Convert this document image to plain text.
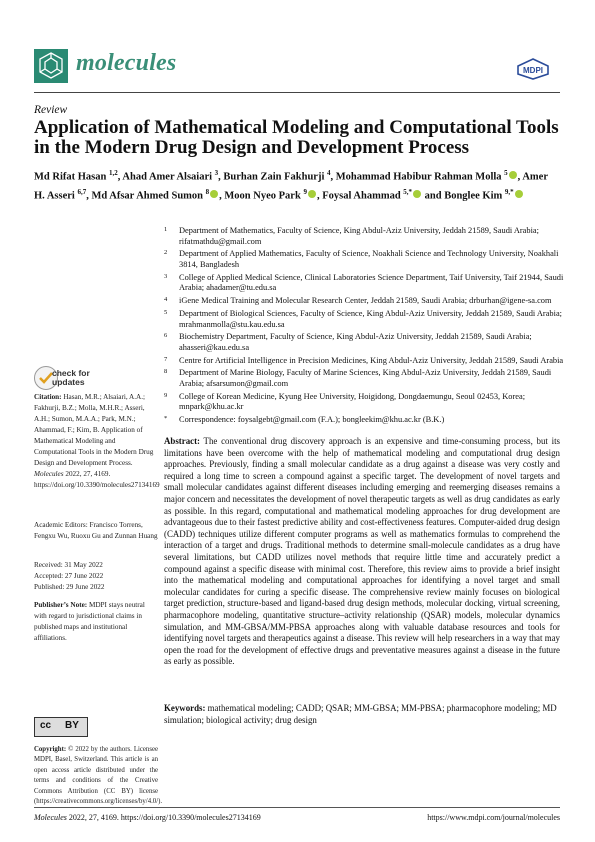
molecules	MDPI
Review
Application of Mathematical Modeling and Computational Tools in the Modern Drug Design and Development Process
Md Rifat Hasan $^{1,2}$, Ahad Amer Alsaiari $^3$, Burhan Zain Fakhurji $^4$, Mohammad Habibur Rahman Molla $^5$ , Amer H. Asseri $^{6,7}$, Md Afsar Ahmed Sumon $^8$ , Moon Nyeo Park $^9$ , Foysal Ahammad $^{5,*}$ and Bonglee Kim $^{9,*}$
1 Department of Mathematics, Faculty of Science, King Abdul-Aziz University, Jeddah 21589, Saudi Arabia; rifatmathdu@gmail.com
2 Department of Applied Mathematics, Faculty of Science, Noakhali Science and Technology University, Noakhali 3814, Bangladesh
3 College of Applied Medical Science, Clinical Laboratories Science Department, Taif University, Taif 21944, Saudi Arabia; ahadamer@tu.edu.sa
4 iGene Medical Training and Molecular Research Center, Jeddah 21589, Saudi Arabia; drburhan@igene-sa.com
5 Department of Biological Sciences, Faculty of Science, King Abdul-Aziz University, Jeddah 21589, Saudi Arabia; mrahmanmolla@stu.kau.edu.sa
6 Biochemistry Department, Faculty of Science, King Abdul-Aziz University, Jeddah 21589, Saudi Arabia; ahasseri@kau.edu.sa
7 Centre for Artificial Intelligence in Precision Medicines, King Abdul-Aziz University, Jeddah 21589, Saudi Arabia
8 Department of Marine Biology, Faculty of Marine Sciences, King Abdul-Aziz University, Jeddah 21589, Saudi Arabia; afsarsumon@gmail.com
9 College of Korean Medicine, Kyung Hee University, Hoigidong, Dongdaemungu, Seoul 02453, Korea; mnpark@khu.ac.kr
* Correspondence: foysalgebt@gmail.com (F.A.); bongleekim@khu.ac.kr (B.K.)
check for
updates
Citation: Hasan, M.R.; Alsaiari, A.A.; Fakhurji, B.Z.; Molla, M.H.R.; Asseri, A.H.; Sumon, M.A.A.; Park, M.N.; Ahammad, F.; Kim, B. Application of Mathematical Modeling and Computational Tools in the Modern Drug Design and Development Process. Molecules 2022, 27, 4169. https://doi.org/10.3390/molecules27134169
Academic Editors: Francisco Torrens, Fengxu Wu, Ruoxu Gu and Zunnan Huang
Received: 31 May 2022
Accepted: 27 June 2022
Published: 29 June 2022
Publisher’s Note: MDPI stays neutral with regard to jurisdictional claims in published maps and institutional affiliations.
cc BY
Copyright: © 2022 by the authors. Licensee MDPI, Basel, Switzerland. This article is an open access article distributed under the terms and conditions of the Creative Commons Attribution (CC BY) license (https://creativecommons.org/licenses/by/4.0/).
Abstract: The conventional drug discovery approach is an expensive and time-consuming process, but its limitations have been overcome with the help of mathematical modeling and computational drug design approaches. Previously, finding a small molecular candidate as a drug against a disease was very costly and required a long time to screen a compound against a specific target. The development of novel targets and small molecular candidates against different diseases including emerging and reemerging diseases remains a major concern and necessitates the development of novel therapeutic targets as well as drug candidates as early as possible. In this regard, computational and mathematical modeling approaches for drug development are advantageous due to their fastest predictive ability and cost-effectiveness features. Computer-aided drug design (CADD) techniques utilize different computer programs as well as mathematics formulas to comprehend the interaction of a target and drugs. Traditional methods to determine small-molecule candidates as a drug have several limitations, but CADD utilizes novel methods that require little time and accurately predict a compound against a specific disease with minimal cost. Therefore, this review aims to provide a brief insight into the mathematical modeling and computational approaches for identifying a novel target and small molecular candidates for curing a specific disease. The comprehensive review mainly focuses on biological target prediction, structure-based and ligand-based drug design methods, molecular docking, virtual screening, pharmacophore modeling, quantitative structure–activity relationship (QSAR) models, molecular dynamics simulation, and MM-GBSA/MM-PBSA approaches along with valuable database resources and tools for identifying novel targets and therapeutics against a disease. This review will help researchers in a way that may open the road for the development of effective drugs and preventative measures against a disease in the future as early as possible.
Keywords: mathematical modeling; CADD; QSAR; MM-GBSA; MM-PBSA; pharmacophore modeling; MD simulation; biological activity; drug design
Molecules 2022, 27, 4169. https://doi.org/10.3390/molecules27134169	https://www.mdpi.com/journal/molecules
